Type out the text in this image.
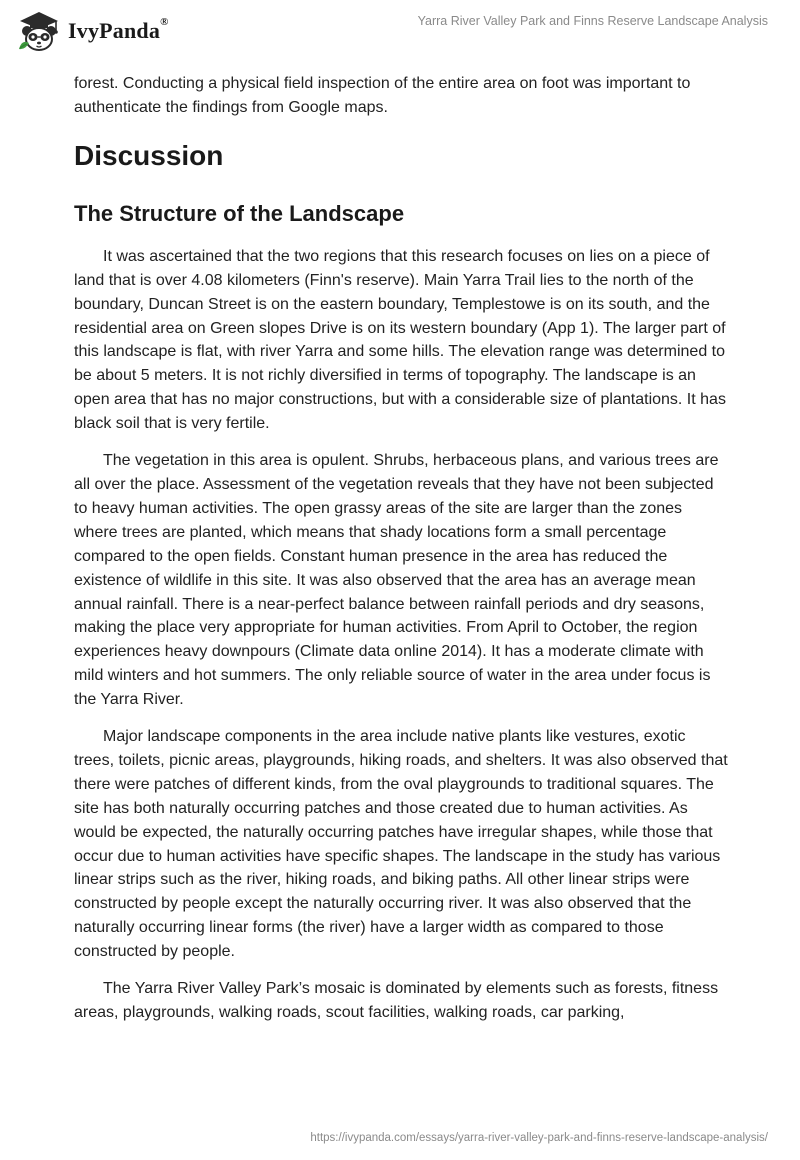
IvyPanda®	Yarra River Valley Park and Finns Reserve Landscape Analysis

forest. Conducting a physical field inspection of the entire area on foot was important to authenticate the findings from Google maps.

Discussion
The Structure of the Landscape

It was ascertained that the two regions that this research focuses on lies on a piece of land that is over 4.08 kilometers (Finn's reserve). Main Yarra Trail lies to the north of the boundary, Duncan Street is on the eastern boundary, Templestowe is on its south, and the residential area on Green slopes Drive is on its western boundary (App 1). The larger part of this landscape is flat, with river Yarra and some hills. The elevation range was determined to be about 5 meters. It is not richly diversified in terms of topography. The landscape is an open area that has no major constructions, but with a considerable size of plantations. It has black soil that is very fertile.

The vegetation in this area is opulent. Shrubs, herbaceous plans, and various trees are all over the place. Assessment of the vegetation reveals that they have not been subjected to heavy human activities. The open grassy areas of the site are larger than the zones where trees are planted, which means that shady locations form a small percentage compared to the open fields. Constant human presence in the area has reduced the existence of wildlife in this site. It was also observed that the area has an average mean annual rainfall. There is a near-perfect balance between rainfall periods and dry seasons, making the place very appropriate for human activities. From April to October, the region experiences heavy downpours (Climate data online 2014). It has a moderate climate with mild winters and hot summers. The only reliable source of water in the area under focus is the Yarra River.

Major landscape components in the area include native plants like vestures, exotic trees, toilets, picnic areas, playgrounds, hiking roads, and shelters. It was also observed that there were patches of different kinds, from the oval playgrounds to traditional squares. The site has both naturally occurring patches and those created due to human activities. As would be expected, the naturally occurring patches have irregular shapes, while those that occur due to human activities have specific shapes. The landscape in the study has various linear strips such as the river, hiking roads, and biking paths. All other linear strips were constructed by people except the naturally occurring river. It was also observed that the naturally occurring linear forms (the river) have a larger width as compared to those constructed by people.

The Yarra River Valley Park’s mosaic is dominated by elements such as forests, fitness areas, playgrounds, walking roads, scout facilities, walking roads, car parking,

https://ivypanda.com/essays/yarra-river-valley-park-and-finns-reserve-landscape-analysis/
